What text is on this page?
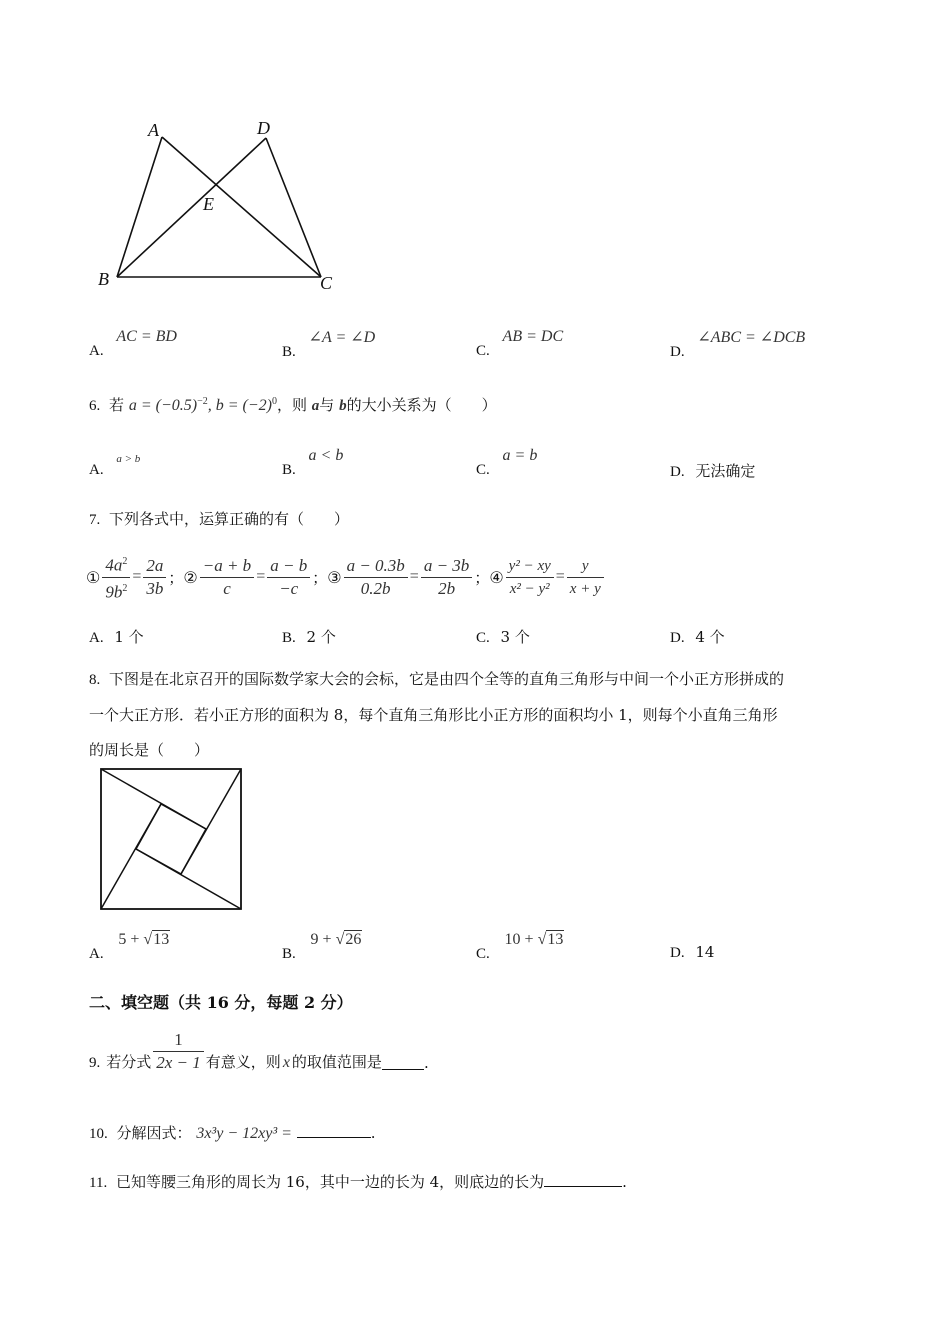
A	D
E
B	C
A. AC = BD
B. ∠A = ∠D
C. AB = DC
D. ∠ABC = ∠DCB
6. 若 $a = (-0.5)^{-2}$, $b = (-2)^0$，则 a与 b的大小关系为（　　）
A. a > b
B. a < b
C. a = b
D. 无法确定
7. 下列各式中，运算正确的有（　　）
① $\frac{4a^2}{9b^2} = \frac{2a}{3b}$ ； ② $\frac{-a + b}{c} = \frac{a - b}{-c}$ ； ③ $\frac{a - 0.3b}{0.2b} = \frac{a - 3b}{2b}$ ； ④ $\frac{\text{y² − xy}}{\text{x² − y²}} = \frac{y}{x + y}$
A. 1 个	B. 2 个	C. 3 个	D. 4 个
8. 下图是在北京召开的国际数学家大会的会标，它是由四个全等的直角三角形与中间一个小正方形拼成的
一个大正方形．若小正方形的面积为 8，每个直角三角形比小正方形的面积均小 1，则每个小直角三角形
的周长是（　　）
A. 5 + √13
B. 9 + √26
C. 10 + √13
D. 14
二、填空题（共 16 分，每题 2 分）
9. 若分式 $\frac{1}{2x - 1}$ 有意义，则 x 的取值范围是	.
10. 分解因式： 3x³y − 12xy³ =	.
11. 已知等腰三角形的周长为 16，其中一边的长为 4，则底边的长为	.
